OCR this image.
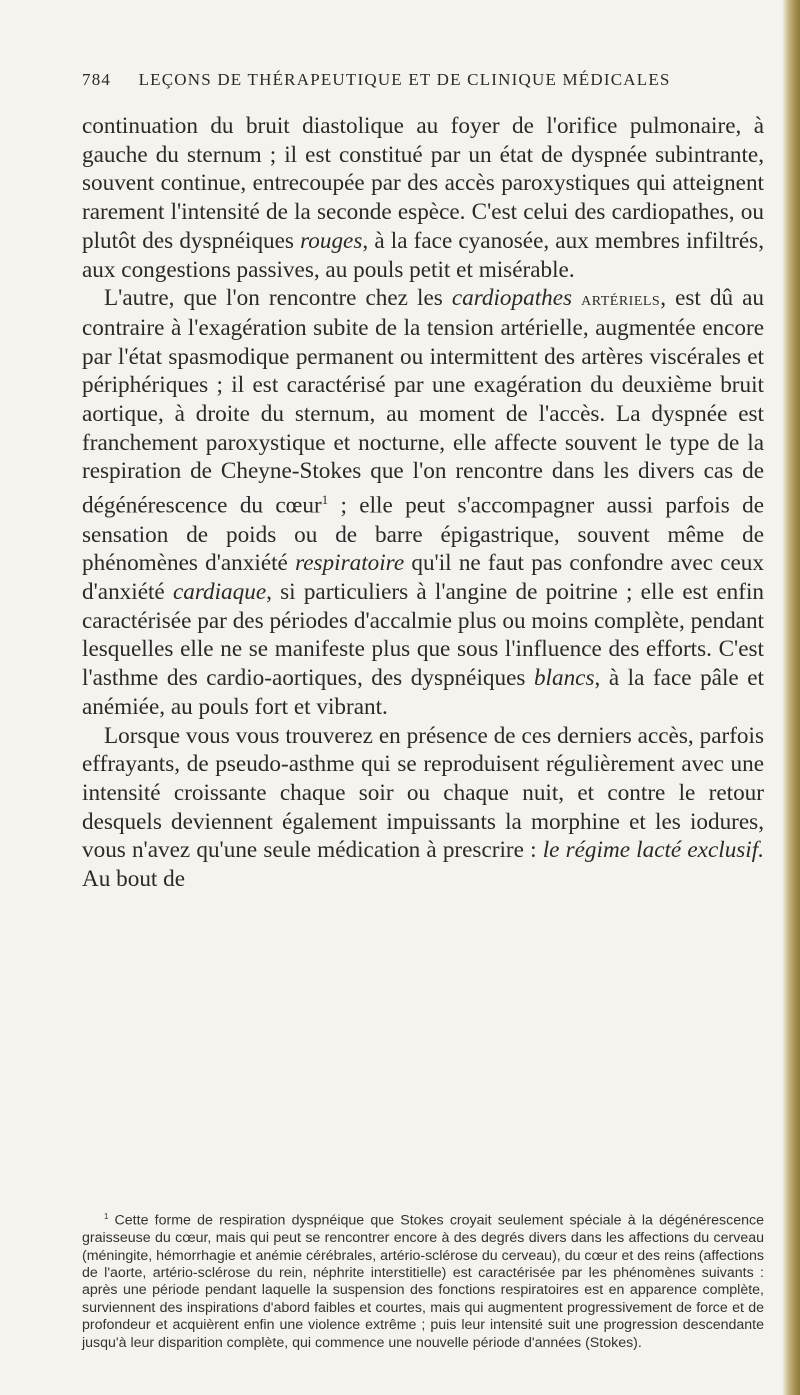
784 LEÇONS DE THÉRAPEUTIQUE ET DE CLINIQUE MÉDICALES

continuation du bruit diastolique au foyer de l'orifice pulmonaire, à gauche du sternum ; il est constitué par un état de dyspnée subintrante, souvent continue, entrecoupée par des accès paroxystiques qui atteignent rarement l'intensité de la seconde espèce. C'est celui des cardiopathes, ou plutôt des dyspnéiques rouges, à la face cyanosée, aux membres infiltrés, aux congestions passives, au pouls petit et misérable.

L'autre, que l'on rencontre chez les cardiopathes artériels, est dû au contraire à l'exagération subite de la tension artérielle, augmentée encore par l'état spasmodique permanent ou intermittent des artères viscérales et périphériques ; il est caractérisé par une exagération du deuxième bruit aortique, à droite du sternum, au moment de l'accès. La dyspnée est franchement paroxystique et nocturne, elle affecte souvent le type de la respiration de Cheyne-Stokes que l'on rencontre dans les divers cas de dégénérescence du cœur$^1$ ; elle peut s'accompagner aussi parfois de sensation de poids ou de barre épigastrique, souvent même de phénomènes d'anxiété respiratoire qu'il ne faut pas confondre avec ceux d'anxiété cardiaque, si particuliers à l'angine de poitrine ; elle est enfin caractérisée par des périodes d'accalmie plus ou moins complète, pendant lesquelles elle ne se manifeste plus que sous l'influence des efforts. C'est l'asthme des cardio-aortiques, des dyspnéiques blancs, à la face pâle et anémiée, au pouls fort et vibrant.

Lorsque vous vous trouverez en présence de ces derniers accès, parfois effrayants, de pseudo-asthme qui se reproduisent régulièrement avec une intensité croissante chaque soir ou chaque nuit, et contre le retour desquels deviennent également impuissants la morphine et les iodures, vous n'avez qu'une seule médication à prescrire : le régime lacté exclusif. Au bout de

$^1$ Cette forme de respiration dyspnéique que Stokes croyait seulement spéciale à la dégénérescence graisseuse du cœur, mais qui peut se rencontrer encore à des degrés divers dans les affections du cerveau (méningite, hémorrhagie et anémie cérébrales, artério-sclérose du cerveau), du cœur et des reins (affections de l'aorte, artério-sclérose du rein, néphrite interstitielle) est caractérisée par les phénomènes suivants : après une période pendant laquelle la suspension des fonctions respiratoires est en apparence complète, surviennent des inspirations d'abord faibles et courtes, mais qui augmentent progressivement de force et de profondeur et acquièrent enfin une violence extrême ; puis leur intensité suit une progression descendante jusqu'à leur disparition complète, qui commence une nouvelle période d'années (Stokes).
